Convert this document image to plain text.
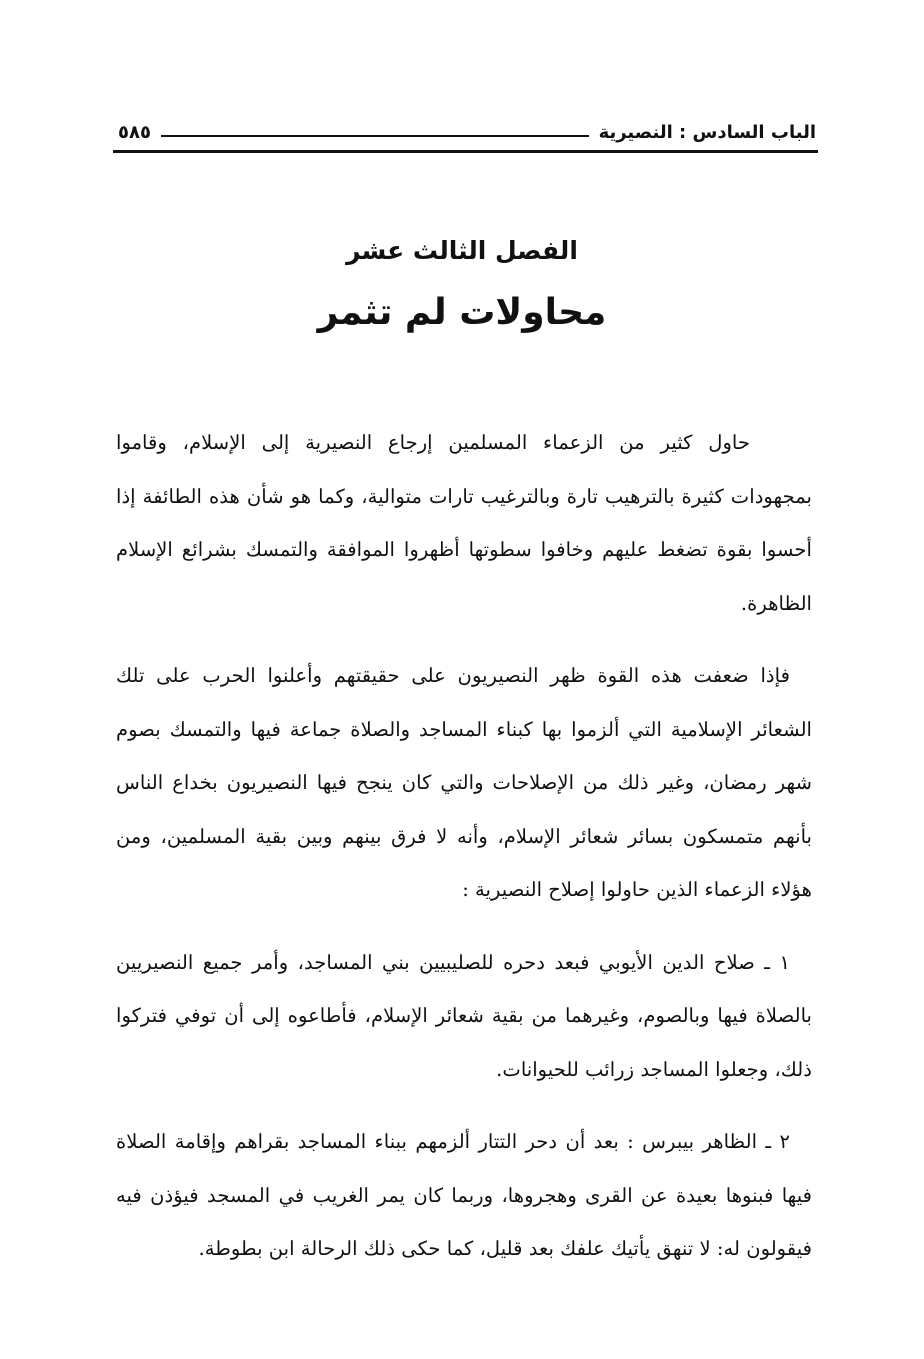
الباب السادس : النصيرية
٥٨٥
الفصل الثالث عشر
محاولات لم تثمر

حاول كثير من الزعماء المسلمين إرجاع النصيرية إلى الإسلام، وقاموا بمجهودات كثيرة بالترهيب تارة وبالترغيب تارات متوالية، وكما هو شأن هذه الطائفة إذا أحسوا بقوة تضغط عليهم وخافوا سطوتها أظهروا الموافقة والتمسك بشرائع الإسلام الظاهرة.

فإذا ضعفت هذه القوة ظهر النصيريون على حقيقتهم وأعلنوا الحرب على تلك الشعائر الإسلامية التي ألزموا بها كبناء المساجد والصلاة جماعة فيها والتمسك بصوم شهر رمضان، وغير ذلك من الإصلاحات والتي كان ينجح فيها النصيريون بخداع الناس بأنهم متمسكون بسائر شعائر الإسلام، وأنه لا فرق بينهم وبين بقية المسلمين، ومن هؤلاء الزعماء الذين حاولوا إصلاح النصيرية :

١ ـ صلاح الدين الأيوبي فبعد دحره للصليبيين بني المساجد، وأمر جميع النصيريين بالصلاة فيها وبالصوم، وغيرهما من بقية شعائر الإسلام، فأطاعوه إلى أن توفي فتركوا ذلك، وجعلوا المساجد زرائب للحيوانات.

٢ ـ الظاهر بيبرس : بعد أن دحر التتار ألزمهم ببناء المساجد بقراهم وإقامة الصلاة فيها فبنوها بعيدة عن القرى وهجروها، وربما كان يمر الغريب في المسجد فيؤذن فيه فيقولون له: لا تنهق يأتيك علفك بعد قليل، كما حكى ذلك الرحالة ابن بطوطة.
